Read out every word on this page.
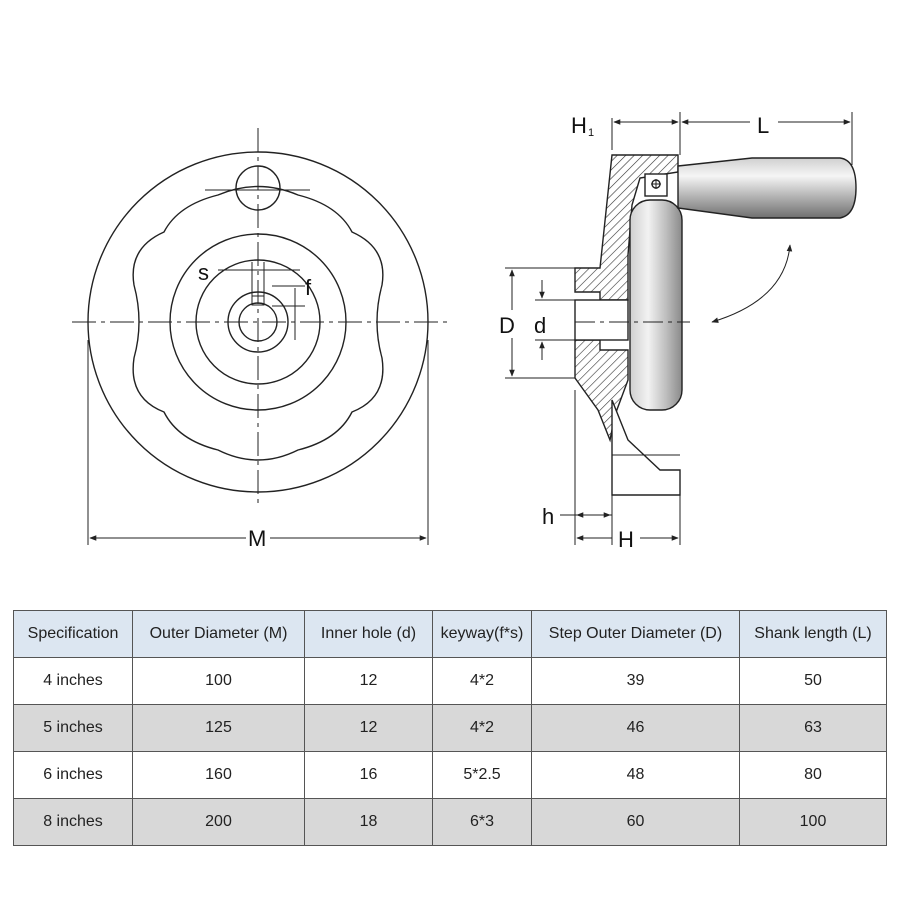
s
f
M
H 1	L
D d
h
H
Specification	Outer Diameter (M)	Inner hole (d)	keyway(f*s)	Step Outer Diameter (D)	Shank length (L)
4 inches	100	12	4*2	39	50
5 inches	125	12	4*2	46	63
6 inches	160	16	5*2.5	48	80
8 inches	200	18	6*3	60	100
